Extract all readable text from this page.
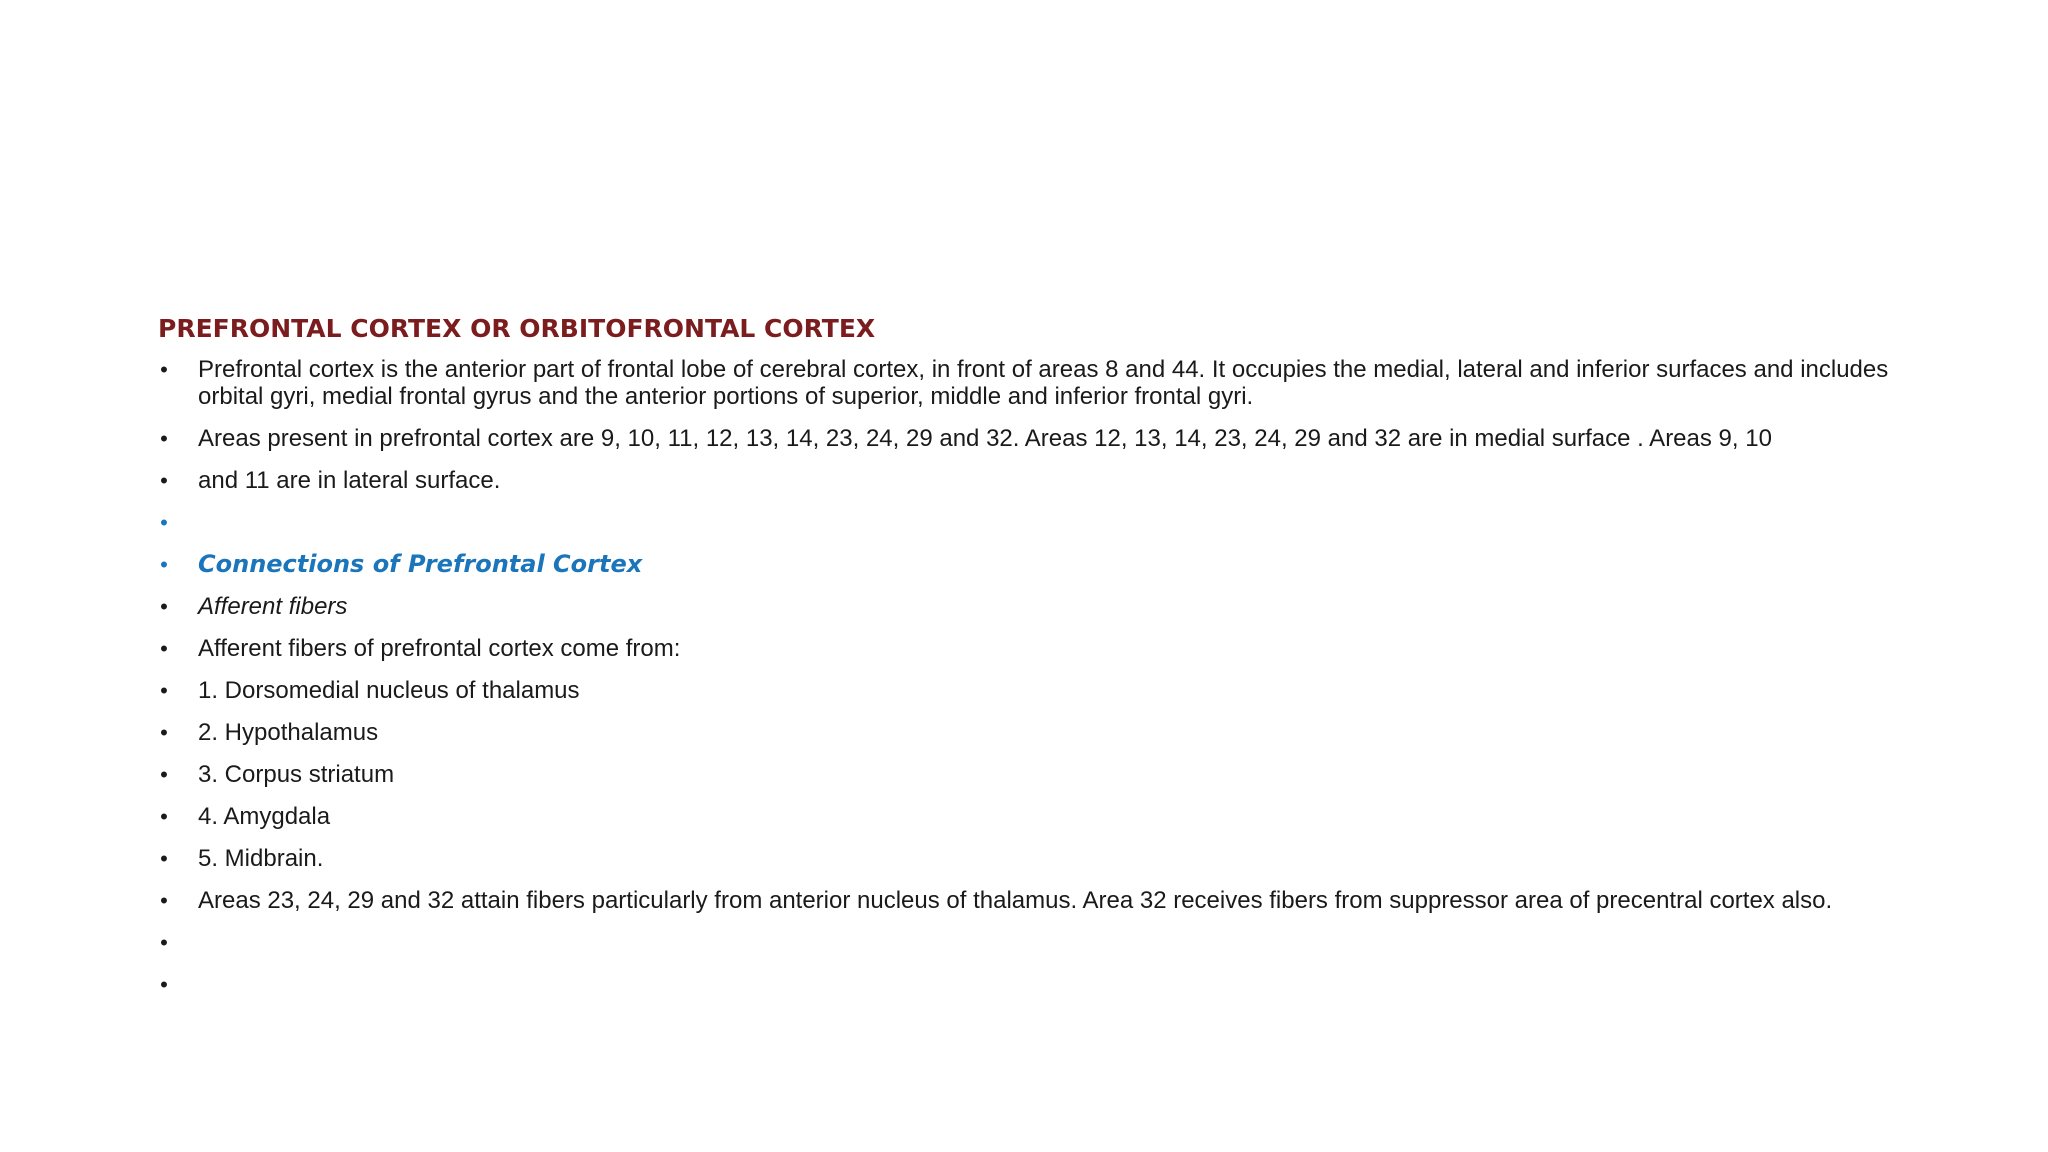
PREFRONTAL CORTEX OR ORBITOFRONTAL CORTEX
• Prefrontal cortex is the anterior part of frontal lobe of cerebral cortex, in front of areas 8 and 44. It occupies the medial, lateral and inferior surfaces and includes orbital gyri, medial frontal gyrus and the anterior portions of superior, middle and inferior frontal gyri.
• Areas present in prefrontal cortex are 9, 10, 11, 12, 13, 14, 23, 24, 29 and 32. Areas 12, 13, 14, 23, 24, 29 and 32 are in medial surface . Areas 9, 10
• and 11 are in lateral surface.
•
• Connections of Prefrontal Cortex
• Afferent fibers
• Afferent fibers of prefrontal cortex come from:
• 1. Dorsomedial nucleus of thalamus
• 2. Hypothalamus
• 3. Corpus striatum
• 4. Amygdala
• 5. Midbrain.
• Areas 23, 24, 29 and 32 attain fibers particularly from anterior nucleus of thalamus. Area 32 receives fibers from suppressor area of precentral cortex also.
•
•
